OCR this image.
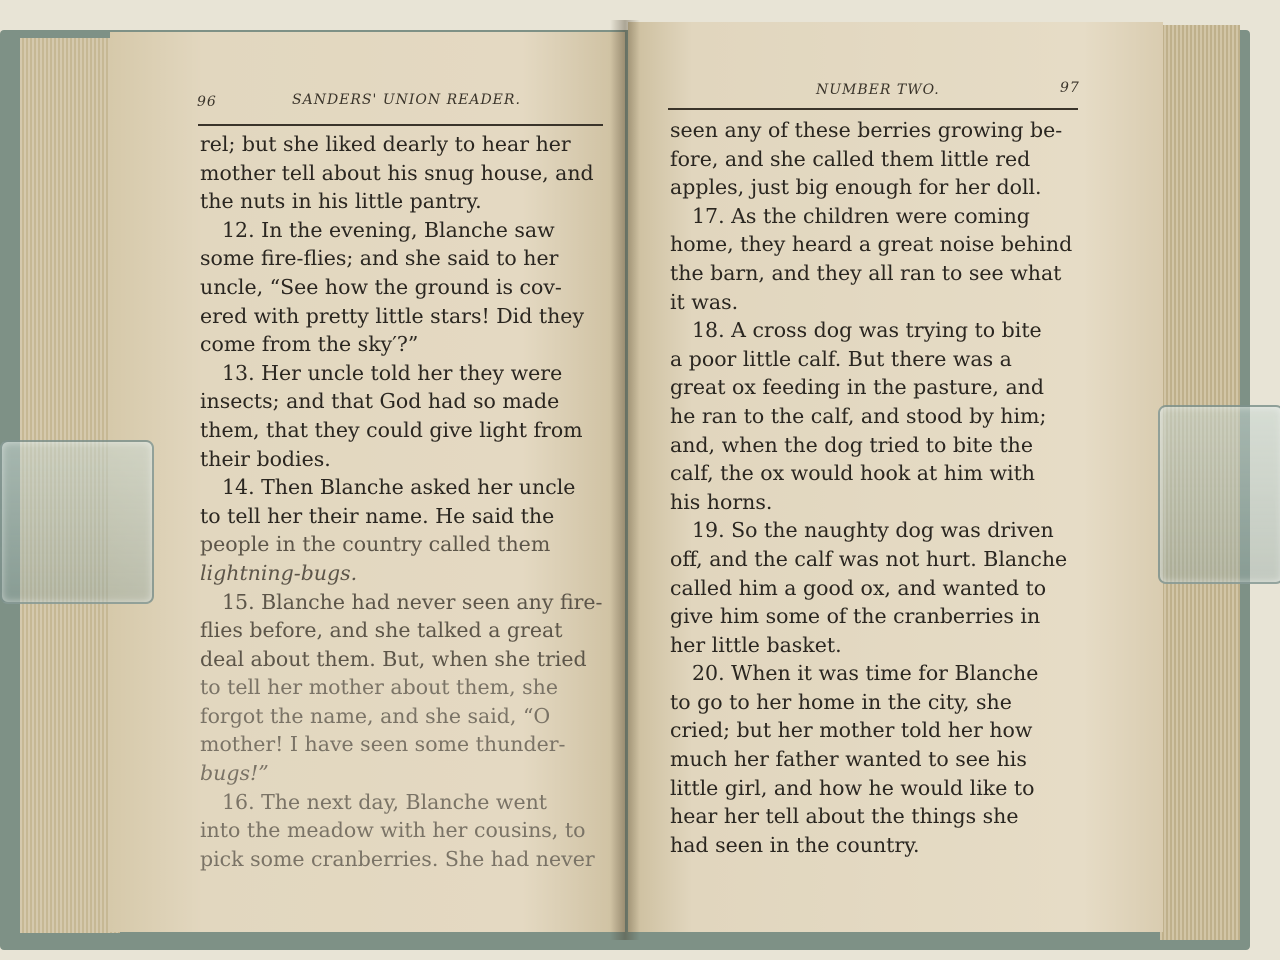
96	SANDERS' UNION READER.

rel; but she liked dearly to hear her

mother tell about his snug house, and

the nuts in his little pantry.

12. In the evening, Blanche saw

some fire-flies; and she said to her

uncle, “See how the ground is cov-

ered with pretty little stars! Did they

come from the sky′?”

13. Her uncle told her they were

insects; and that God had so made

them, that they could give light from

their bodies.

14. Then Blanche asked her uncle

to tell her their name. He said the

people in the country called them

lightning-bugs.

15. Blanche had never seen any fire-

flies before, and she talked a great

deal about them. But, when she tried

to tell her mother about them, she

forgot the name, and she said, “O

mother! I have seen some thunder-

bugs!”

16. The next day, Blanche went

into the meadow with her cousins, to

pick some cranberries. She had never

NUMBER TWO.	97

seen any of these berries growing be-

fore, and she called them little red

apples, just big enough for her doll.

17. As the children were coming

home, they heard a great noise behind

the barn, and they all ran to see what

it was.

18. A cross dog was trying to bite

a poor little calf. But there was a

great ox feeding in the pasture, and

he ran to the calf, and stood by him;

and, when the dog tried to bite the

calf, the ox would hook at him with

his horns.

19. So the naughty dog was driven

off, and the calf was not hurt. Blanche

called him a good ox, and wanted to

give him some of the cranberries in

her little basket.

20. When it was time for Blanche

to go to her home in the city, she

cried; but her mother told her how

much her father wanted to see his

little girl, and how he would like to

hear her tell about the things she

had seen in the country.
